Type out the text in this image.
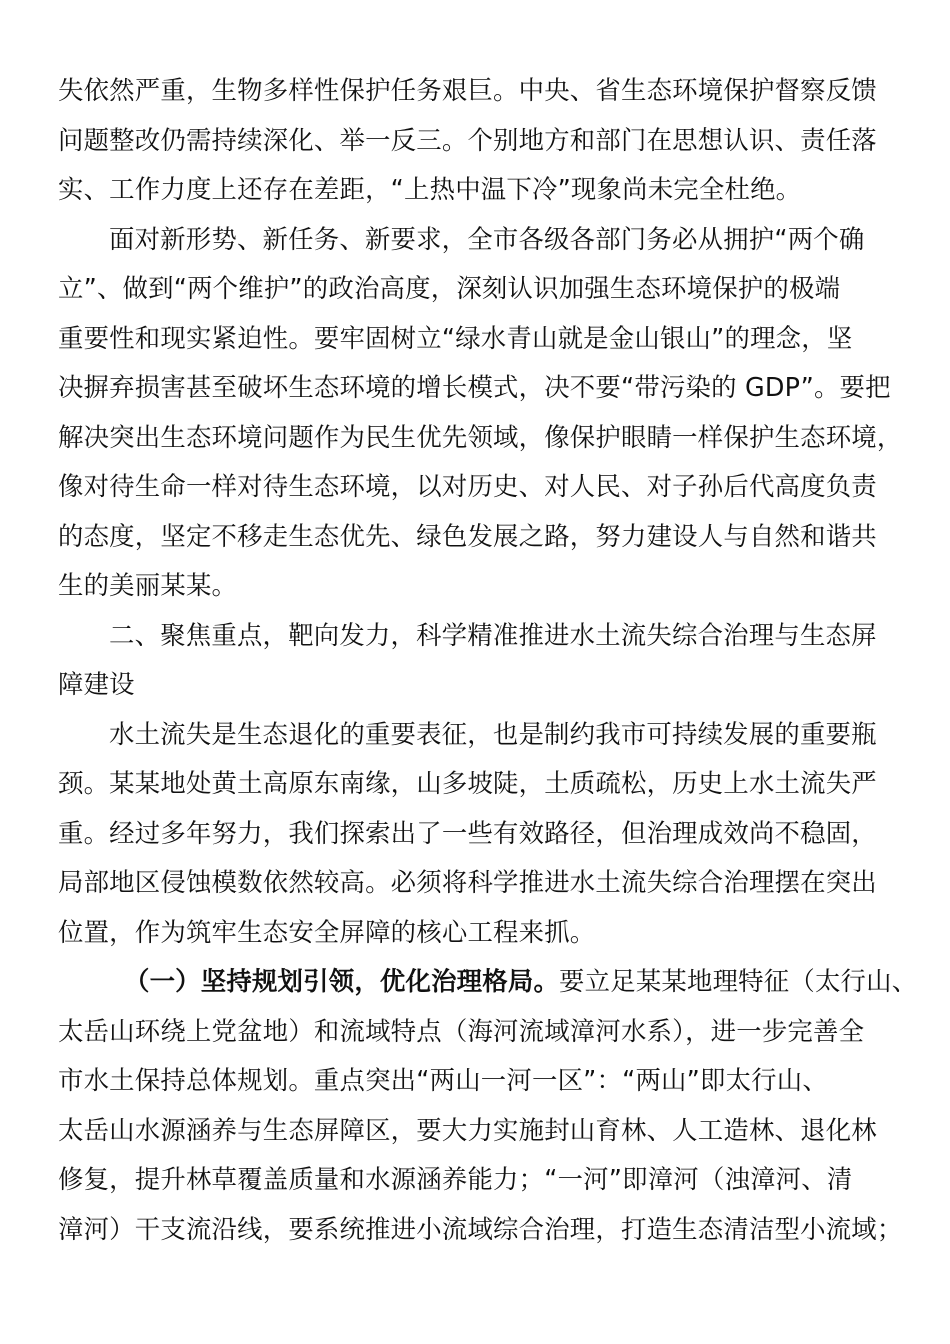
失依然严重，生物多样性保护任务艰巨。中央、省生态环境保护督察反馈
问题整改仍需持续深化、举一反三。个别地方和部门在思想认识、责任落
实、工作力度上还存在差距，“上热中温下冷”现象尚未完全杜绝。
面对新形势、新任务、新要求，全市各级各部门务必从拥护“两个确
立”、做到“两个维护”的政治高度，深刻认识加强生态环境保护的极端
重要性和现实紧迫性。要牢固树立“绿水青山就是金山银山”的理念，坚
决摒弃损害甚至破坏生态环境的增长模式，决不要“带污染的 GDP”。要把
解决突出生态环境问题作为民生优先领域，像保护眼睛一样保护生态环境，
像对待生命一样对待生态环境，以对历史、对人民、对子孙后代高度负责
的态度，坚定不移走生态优先、绿色发展之路，努力建设人与自然和谐共
生的美丽某某。
二、聚焦重点，靶向发力，科学精准推进水土流失综合治理与生态屏
障建设
水土流失是生态退化的重要表征，也是制约我市可持续发展的重要瓶
颈。某某地处黄土高原东南缘，山多坡陡，土质疏松，历史上水土流失严
重。经过多年努力，我们探索出了一些有效路径，但治理成效尚不稳固，
局部地区侵蚀模数依然较高。必须将科学推进水土流失综合治理摆在突出
位置，作为筑牢生态安全屏障的核心工程来抓。
（一）坚持规划引领，优化治理格局。要立足某某地理特征（太行山、
太岳山环绕上党盆地）和流域特点（海河流域漳河水系），进一步完善全
市水土保持总体规划。重点突出“两山一河一区”：“两山”即太行山、
太岳山水源涵养与生态屏障区，要大力实施封山育林、人工造林、退化林
修复，提升林草覆盖质量和水源涵养能力；“一河”即漳河（浊漳河、清
漳河）干支流沿线，要系统推进小流域综合治理，打造生态清洁型小流域；
